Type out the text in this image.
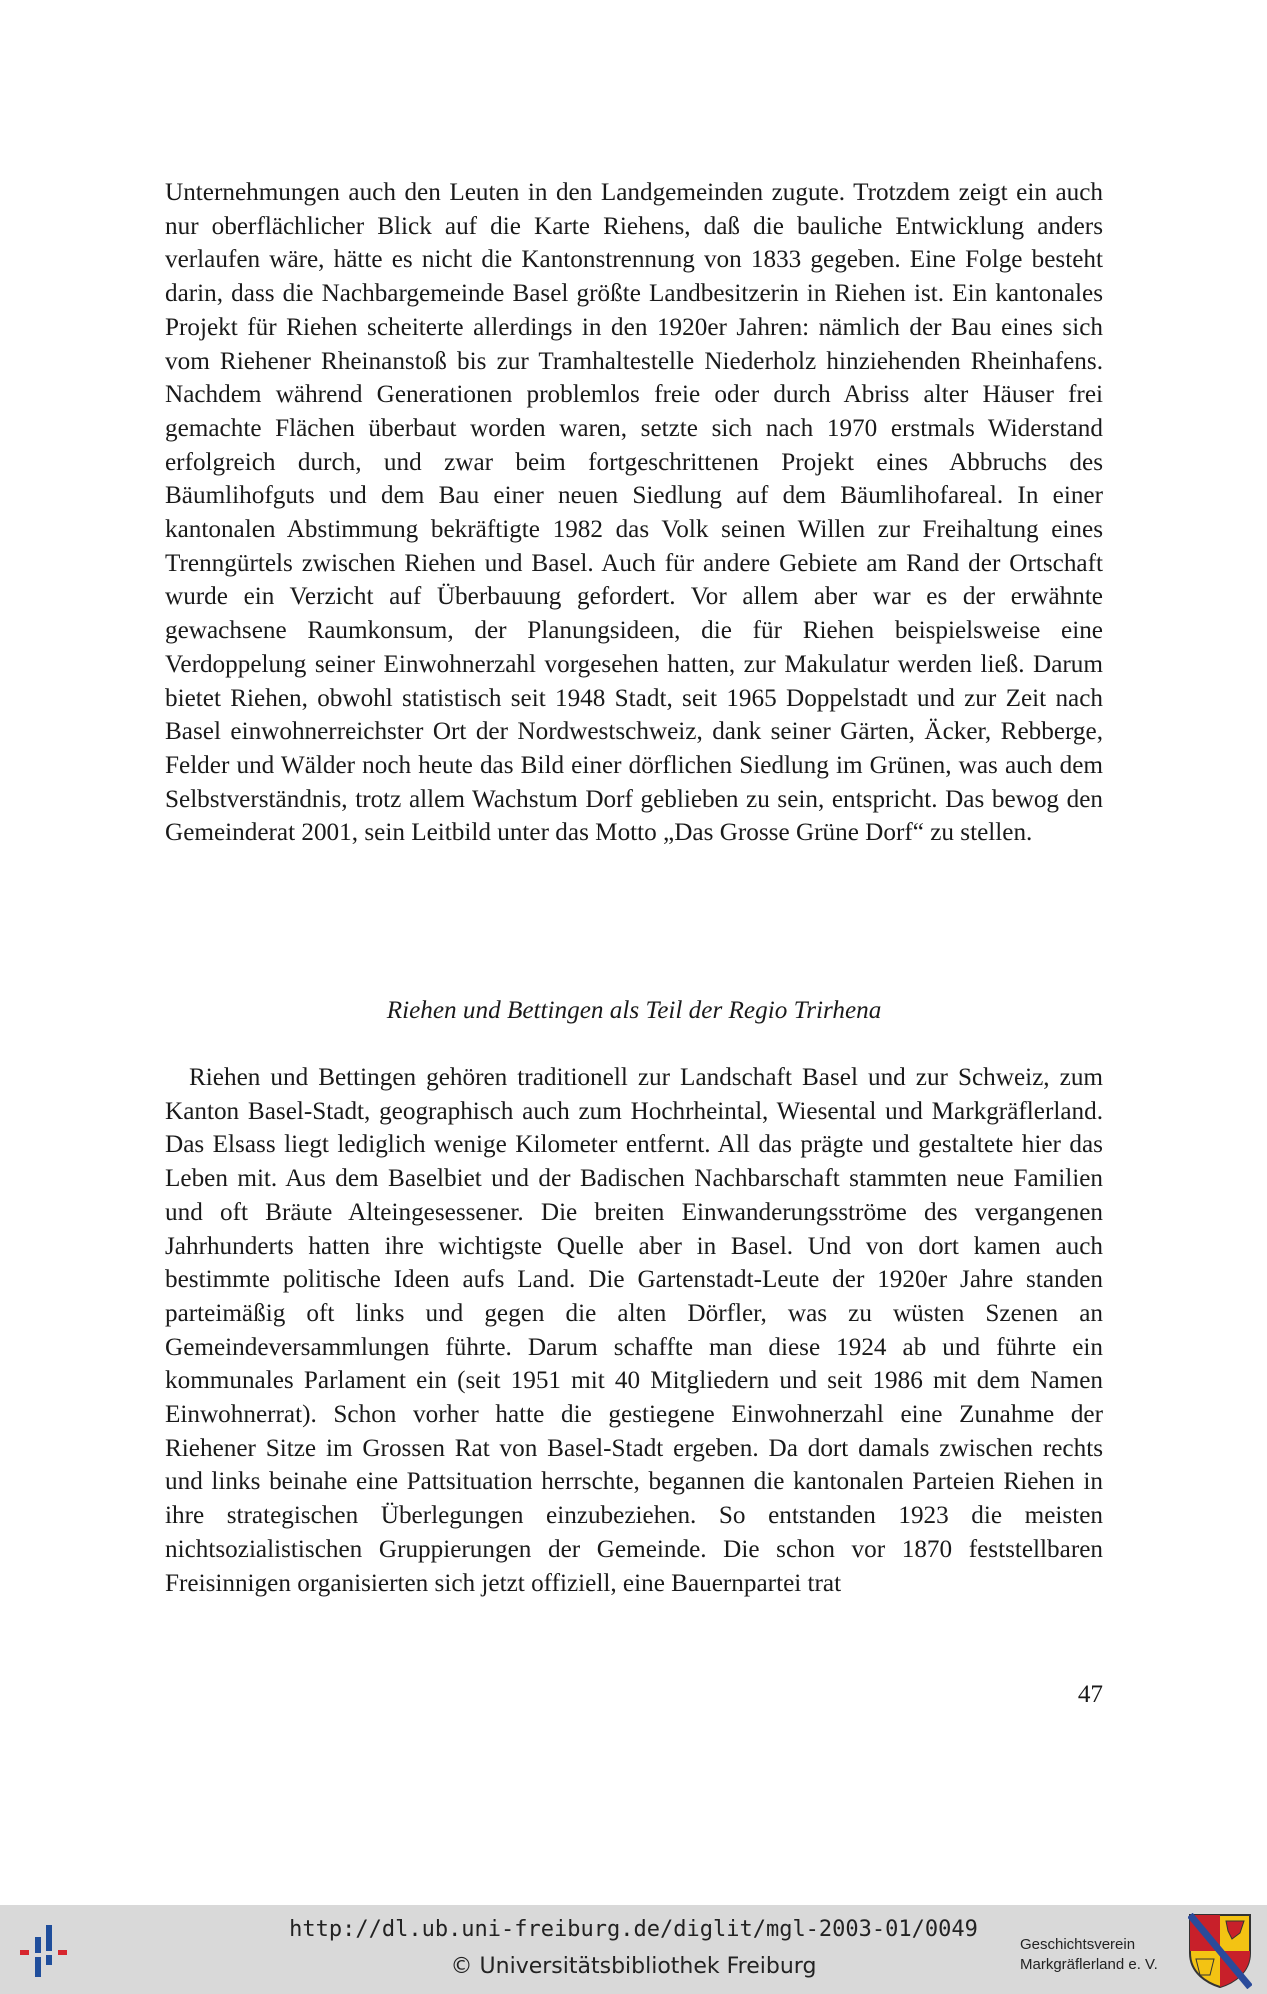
Unternehmungen auch den Leuten in den Landgemeinden zugute. Trotzdem zeigt ein auch nur oberflächlicher Blick auf die Karte Riehens, daß die bauliche Entwicklung anders verlaufen wäre, hätte es nicht die Kantonstrennung von 1833 gegeben. Eine Folge besteht darin, dass die Nachbargemeinde Basel größte Landbesitzerin in Riehen ist. Ein kantonales Projekt für Riehen scheiterte allerdings in den 1920er Jahren: nämlich der Bau eines sich vom Riehener Rheinanstoß bis zur Tramhaltestelle Niederholz hinziehenden Rheinhafens. Nachdem während Generationen problemlos freie oder durch Abriss alter Häuser frei gemachte Flächen überbaut worden waren, setzte sich nach 1970 erstmals Widerstand erfolgreich durch, und zwar beim fortgeschrittenen Projekt eines Abbruchs des Bäumlihofguts und dem Bau einer neuen Siedlung auf dem Bäumlihofareal. In einer kantonalen Abstimmung bekräftigte 1982 das Volk seinen Willen zur Freihaltung eines Trenngürtels zwischen Riehen und Basel. Auch für andere Gebiete am Rand der Ortschaft wurde ein Verzicht auf Überbauung gefordert. Vor allem aber war es der erwähnte gewachsene Raumkonsum, der Planungsideen, die für Riehen beispielsweise eine Verdoppelung seiner Einwohnerzahl vorgesehen hatten, zur Makulatur werden ließ. Darum bietet Riehen, obwohl statistisch seit 1948 Stadt, seit 1965 Doppelstadt und zur Zeit nach Basel einwohnerreichster Ort der Nordwestschweiz, dank seiner Gärten, Äcker, Rebberge, Felder und Wälder noch heute das Bild einer dörflichen Siedlung im Grünen, was auch dem Selbstverständnis, trotz allem Wachstum Dorf geblieben zu sein, entspricht. Das bewog den Gemeinderat 2001, sein Leitbild unter das Motto „Das Grosse Grüne Dorf“ zu stellen.
Riehen und Bettingen als Teil der Regio Trirhena
Riehen und Bettingen gehören traditionell zur Landschaft Basel und zur Schweiz, zum Kanton Basel-Stadt, geographisch auch zum Hochrheintal, Wiesental und Markgräflerland. Das Elsass liegt lediglich wenige Kilometer entfernt. All das prägte und gestaltete hier das Leben mit. Aus dem Baselbiet und der Badischen Nachbarschaft stammten neue Familien und oft Bräute Alteingesessener. Die breiten Einwanderungsströme des vergangenen Jahrhunderts hatten ihre wichtigste Quelle aber in Basel. Und von dort kamen auch bestimmte politische Ideen aufs Land. Die Gartenstadt-Leute der 1920er Jahre standen parteimäßig oft links und gegen die alten Dörfler, was zu wüsten Szenen an Gemeindeversammlungen führte. Darum schaffte man diese 1924 ab und führte ein kommunales Parlament ein (seit 1951 mit 40 Mitgliedern und seit 1986 mit dem Namen Einwohnerrat). Schon vorher hatte die gestiegene Einwohnerzahl eine Zunahme der Riehener Sitze im Grossen Rat von Basel-Stadt ergeben. Da dort damals zwischen rechts und links beinahe eine Pattsituation herrschte, begannen die kantonalen Parteien Riehen in ihre strategischen Überlegungen einzubeziehen. So entstanden 1923 die meisten nichtsozialistischen Gruppierungen der Gemeinde. Die schon vor 1870 feststellbaren Freisinnigen organisierten sich jetzt offiziell, eine Bauernpartei trat
47
http://dl.ub.uni-freiburg.de/diglit/mgl-2003-01/0049
© Universitätsbibliothek Freiburg
Geschichtsverein
Markgräflerland e. V.
